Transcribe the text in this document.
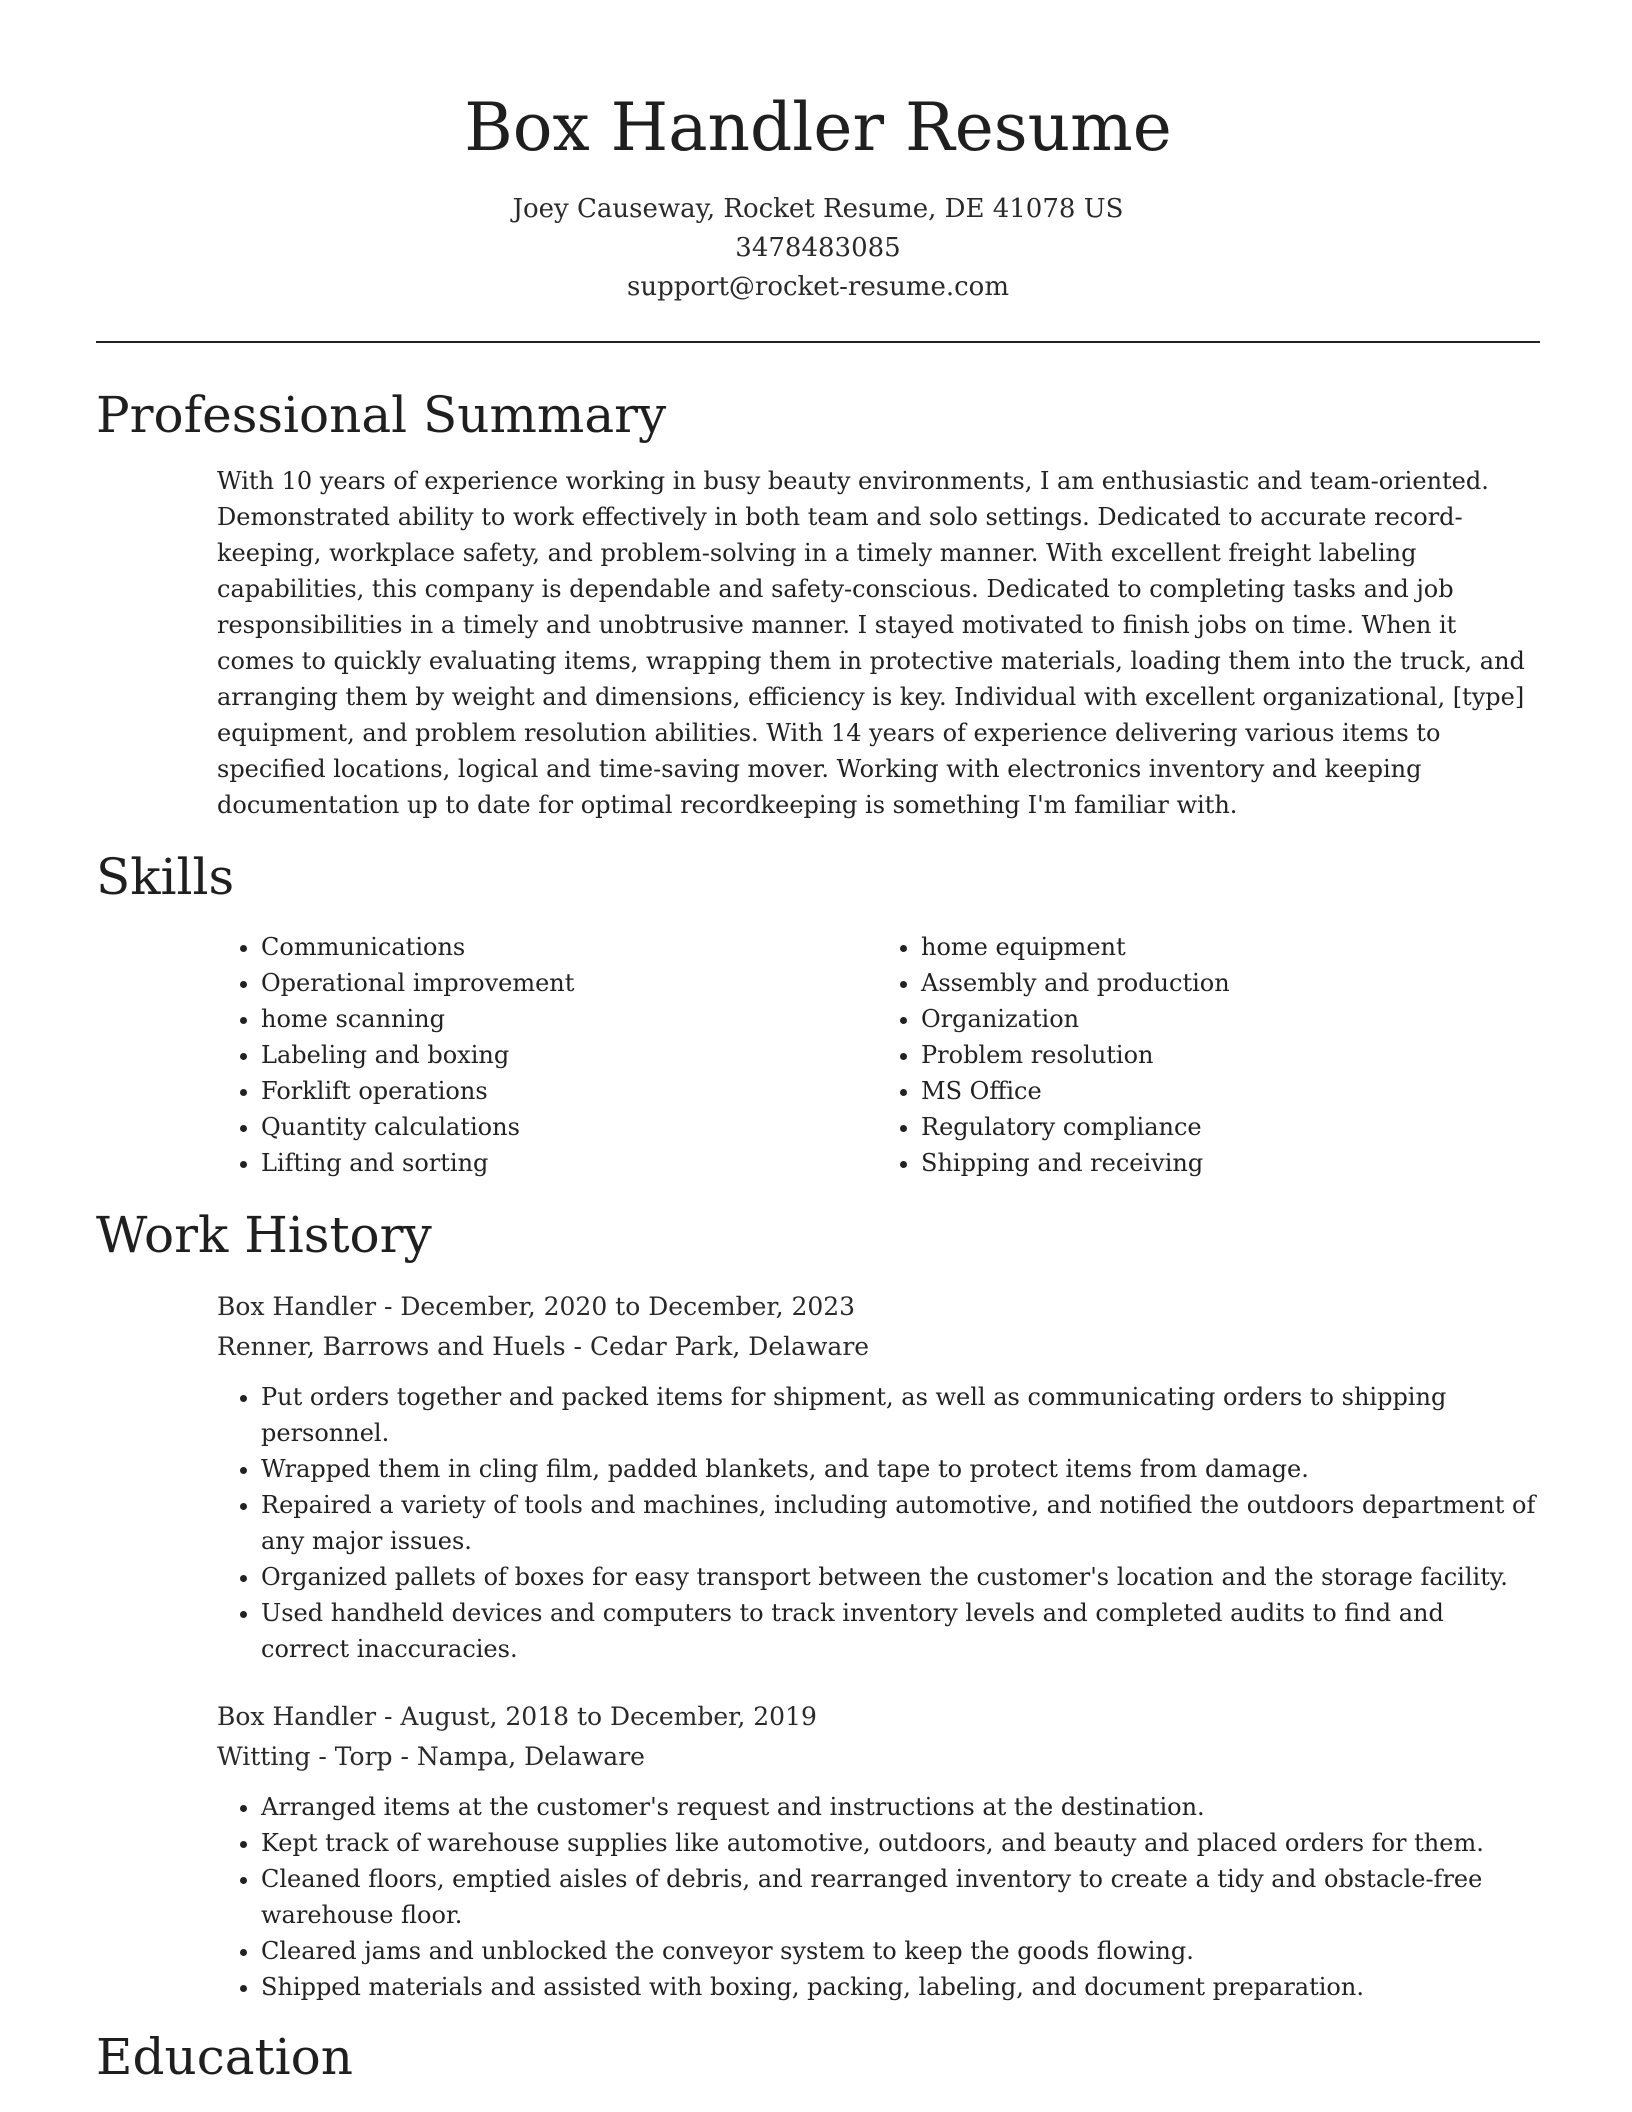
Box Handler Resume
Joey Causeway, Rocket Resume, DE 41078 US
3478483085
support@rocket-resume.com
Professional Summary
With 10 years of experience working in busy beauty environments, I am enthusiastic and team-oriented. Demonstrated ability to work effectively in both team and solo settings. Dedicated to accurate record-keeping, workplace safety, and problem-solving in a timely manner. With excellent freight labeling capabilities, this company is dependable and safety-conscious. Dedicated to completing tasks and job responsibilities in a timely and unobtrusive manner. I stayed motivated to finish jobs on time. When it comes to quickly evaluating items, wrapping them in protective materials, loading them into the truck, and arranging them by weight and dimensions, efficiency is key. Individual with excellent organizational, [type] equipment, and problem resolution abilities. With 14 years of experience delivering various items to specified locations, logical and time-saving mover. Working with electronics inventory and keeping documentation up to date for optimal recordkeeping is something I'm familiar with.
Skills
• Communications
• Operational improvement
• home scanning
• Labeling and boxing
• Forklift operations
• Quantity calculations
• Lifting and sorting
• home equipment
• Assembly and production
• Organization
• Problem resolution
• MS Office
• Regulatory compliance
• Shipping and receiving
Work History
Box Handler - December, 2020 to December, 2023
Renner, Barrows and Huels - Cedar Park, Delaware
• Put orders together and packed items for shipment, as well as communicating orders to shipping personnel.
• Wrapped them in cling film, padded blankets, and tape to protect items from damage.
• Repaired a variety of tools and machines, including automotive, and notified the outdoors department of any major issues.
• Organized pallets of boxes for easy transport between the customer's location and the storage facility.
• Used handheld devices and computers to track inventory levels and completed audits to find and correct inaccuracies.
Box Handler - August, 2018 to December, 2019
Witting - Torp - Nampa, Delaware
• Arranged items at the customer's request and instructions at the destination.
• Kept track of warehouse supplies like automotive, outdoors, and beauty and placed orders for them.
• Cleaned floors, emptied aisles of debris, and rearranged inventory to create a tidy and obstacle-free warehouse floor.
• Cleared jams and unblocked the conveyor system to keep the goods flowing.
• Shipped materials and assisted with boxing, packing, labeling, and document preparation.
Education
